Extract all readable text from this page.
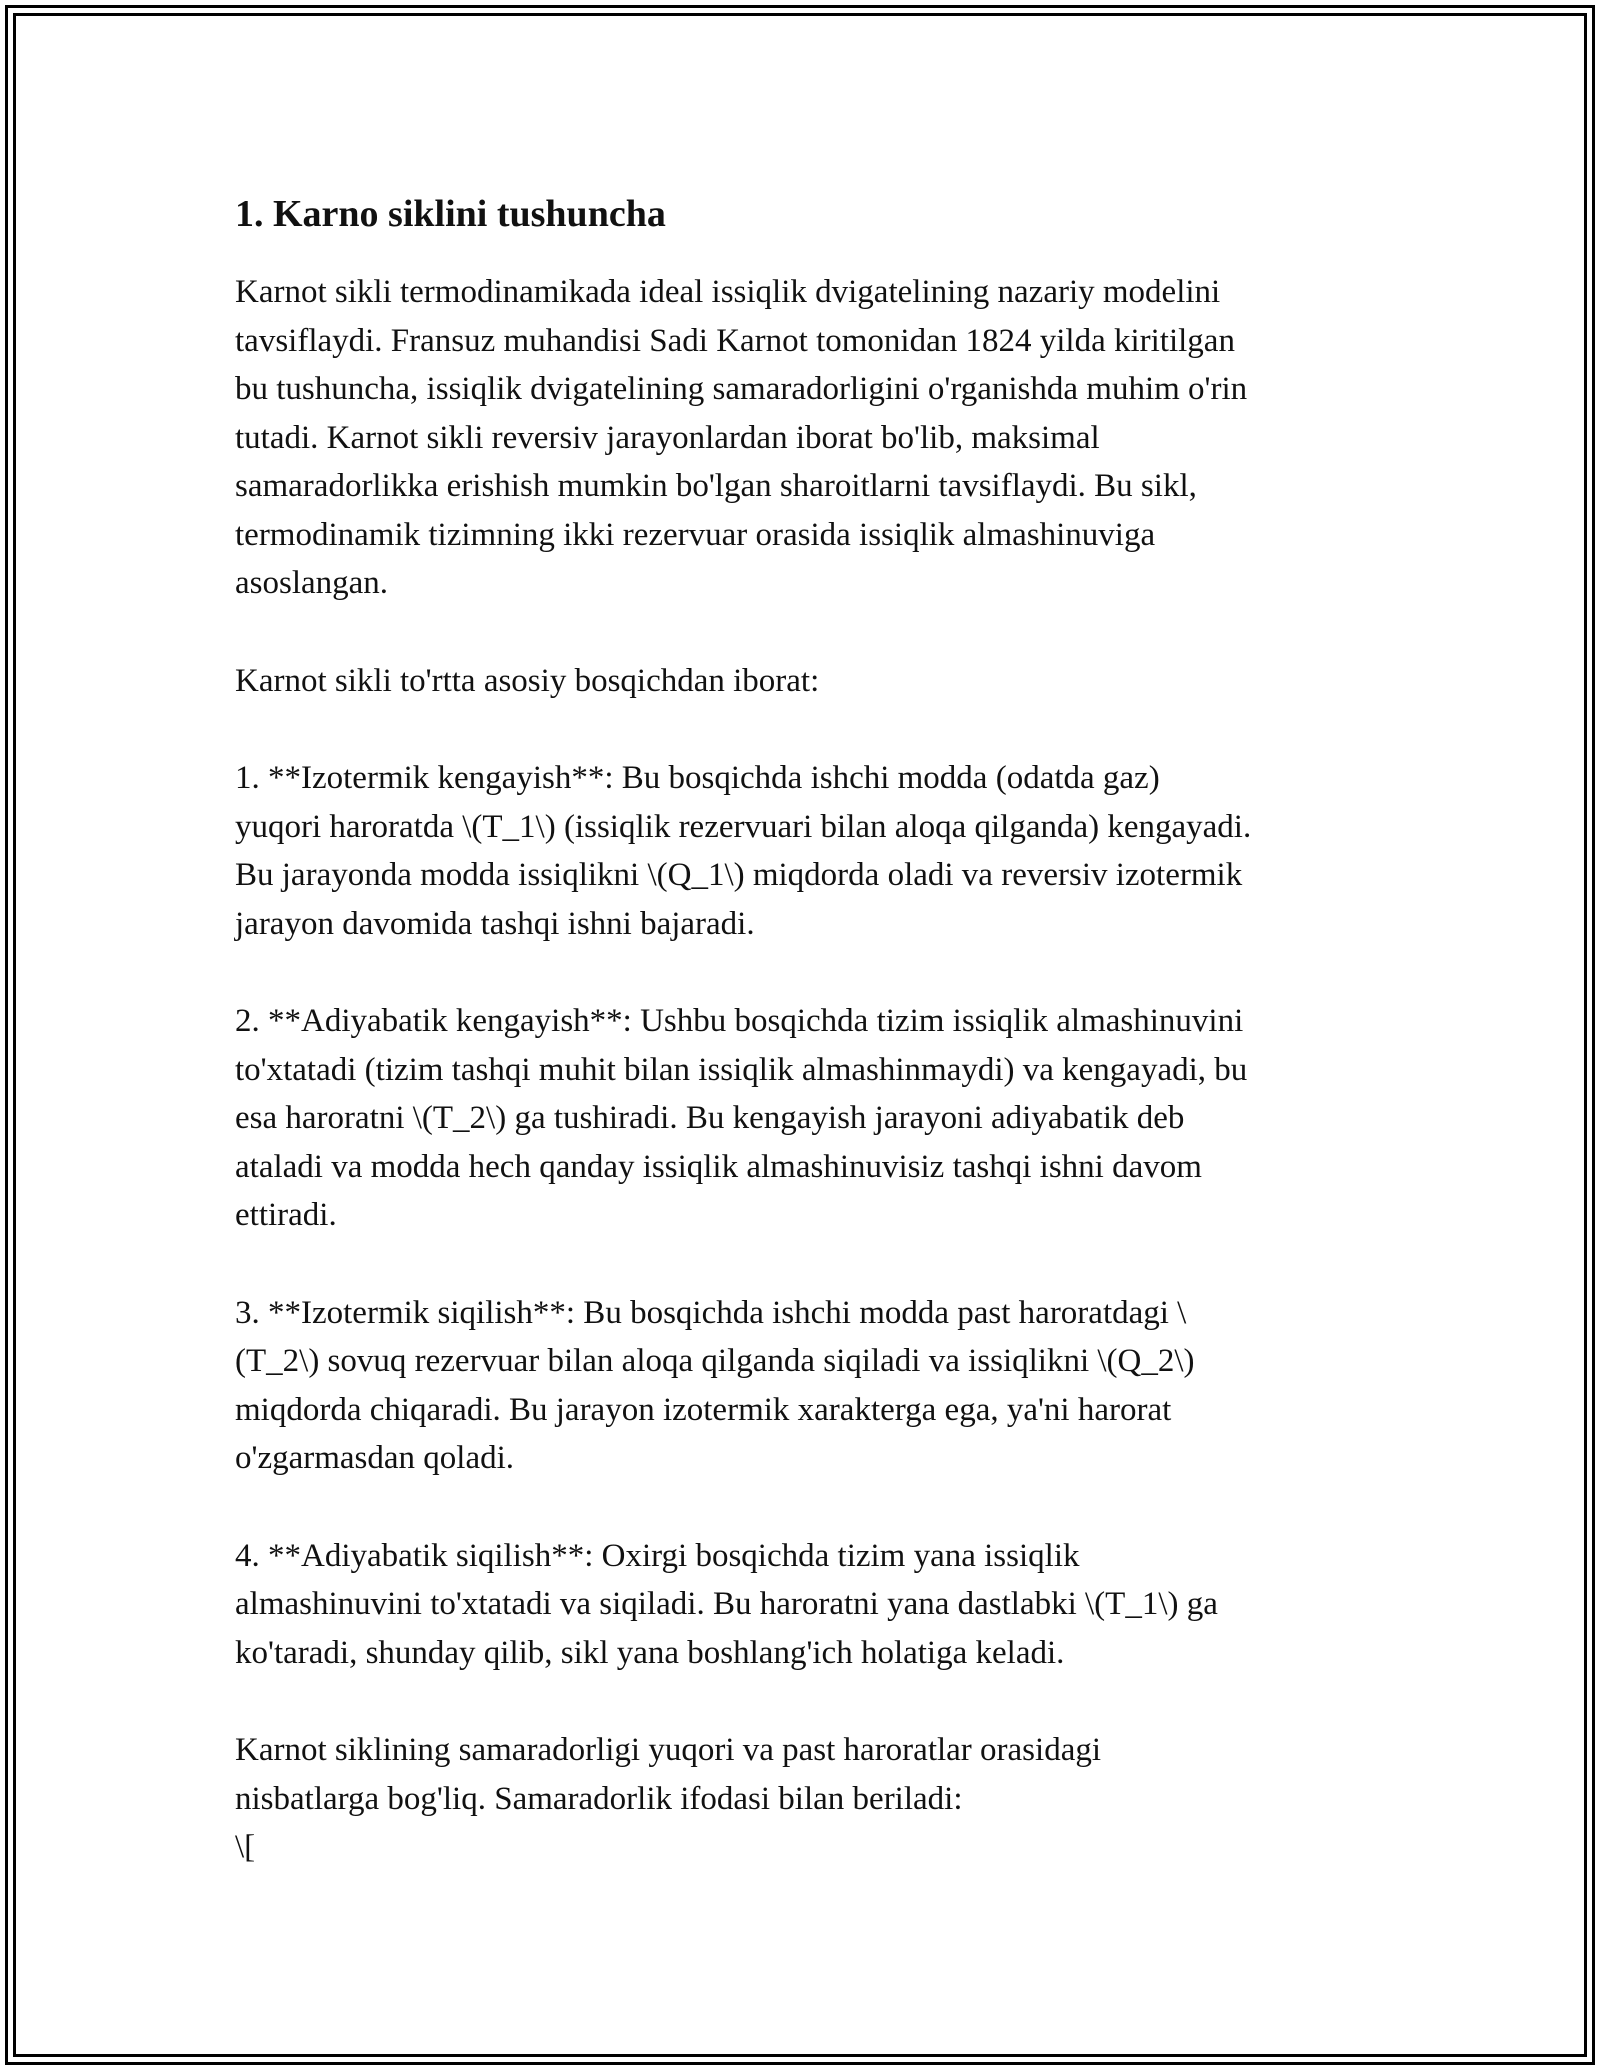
1. Karno siklini tushuncha

Karnot sikli termodinamikada ideal issiqlik dvigatelining nazariy modelini
tavsiflaydi. Fransuz muhandisi Sadi Karnot tomonidan 1824 yilda kiritilgan
bu tushuncha, issiqlik dvigatelining samaradorligini o'rganishda muhim o'rin
tutadi. Karnot sikli reversiv jarayonlardan iborat bo'lib, maksimal
samaradorlikka erishish mumkin bo'lgan sharoitlarni tavsiflaydi. Bu sikl,
termodinamik tizimning ikki rezervuar orasida issiqlik almashinuviga
asoslangan.

Karnot sikli to'rtta asosiy bosqichdan iborat:

1. **Izotermik kengayish**: Bu bosqichda ishchi modda (odatda gaz)
yuqori haroratda \(T_1\) (issiqlik rezervuari bilan aloqa qilganda) kengayadi.
Bu jarayonda modda issiqlikni \(Q_1\) miqdorda oladi va reversiv izotermik
jarayon davomida tashqi ishni bajaradi.

2. **Adiyabatik kengayish**: Ushbu bosqichda tizim issiqlik almashinuvini
to'xtatadi (tizim tashqi muhit bilan issiqlik almashinmaydi) va kengayadi, bu
esa haroratni \(T_2\) ga tushiradi. Bu kengayish jarayoni adiyabatik deb
ataladi va modda hech qanday issiqlik almashinuvisiz tashqi ishni davom
ettiradi.

3. **Izotermik siqilish**: Bu bosqichda ishchi modda past haroratdagi \
(T_2\) sovuq rezervuar bilan aloqa qilganda siqiladi va issiqlikni \(Q_2\)
miqdorda chiqaradi. Bu jarayon izotermik xarakterga ega, ya'ni harorat
o'zgarmasdan qoladi.

4. **Adiyabatik siqilish**: Oxirgi bosqichda tizim yana issiqlik
almashinuvini to'xtatadi va siqiladi. Bu haroratni yana dastlabki \(T_1\) ga
ko'taradi, shunday qilib, sikl yana boshlang'ich holatiga keladi.

Karnot siklining samaradorligi yuqori va past haroratlar orasidagi
nisbatlarga bog'liq. Samaradorlik ifodasi bilan beriladi:
\[
